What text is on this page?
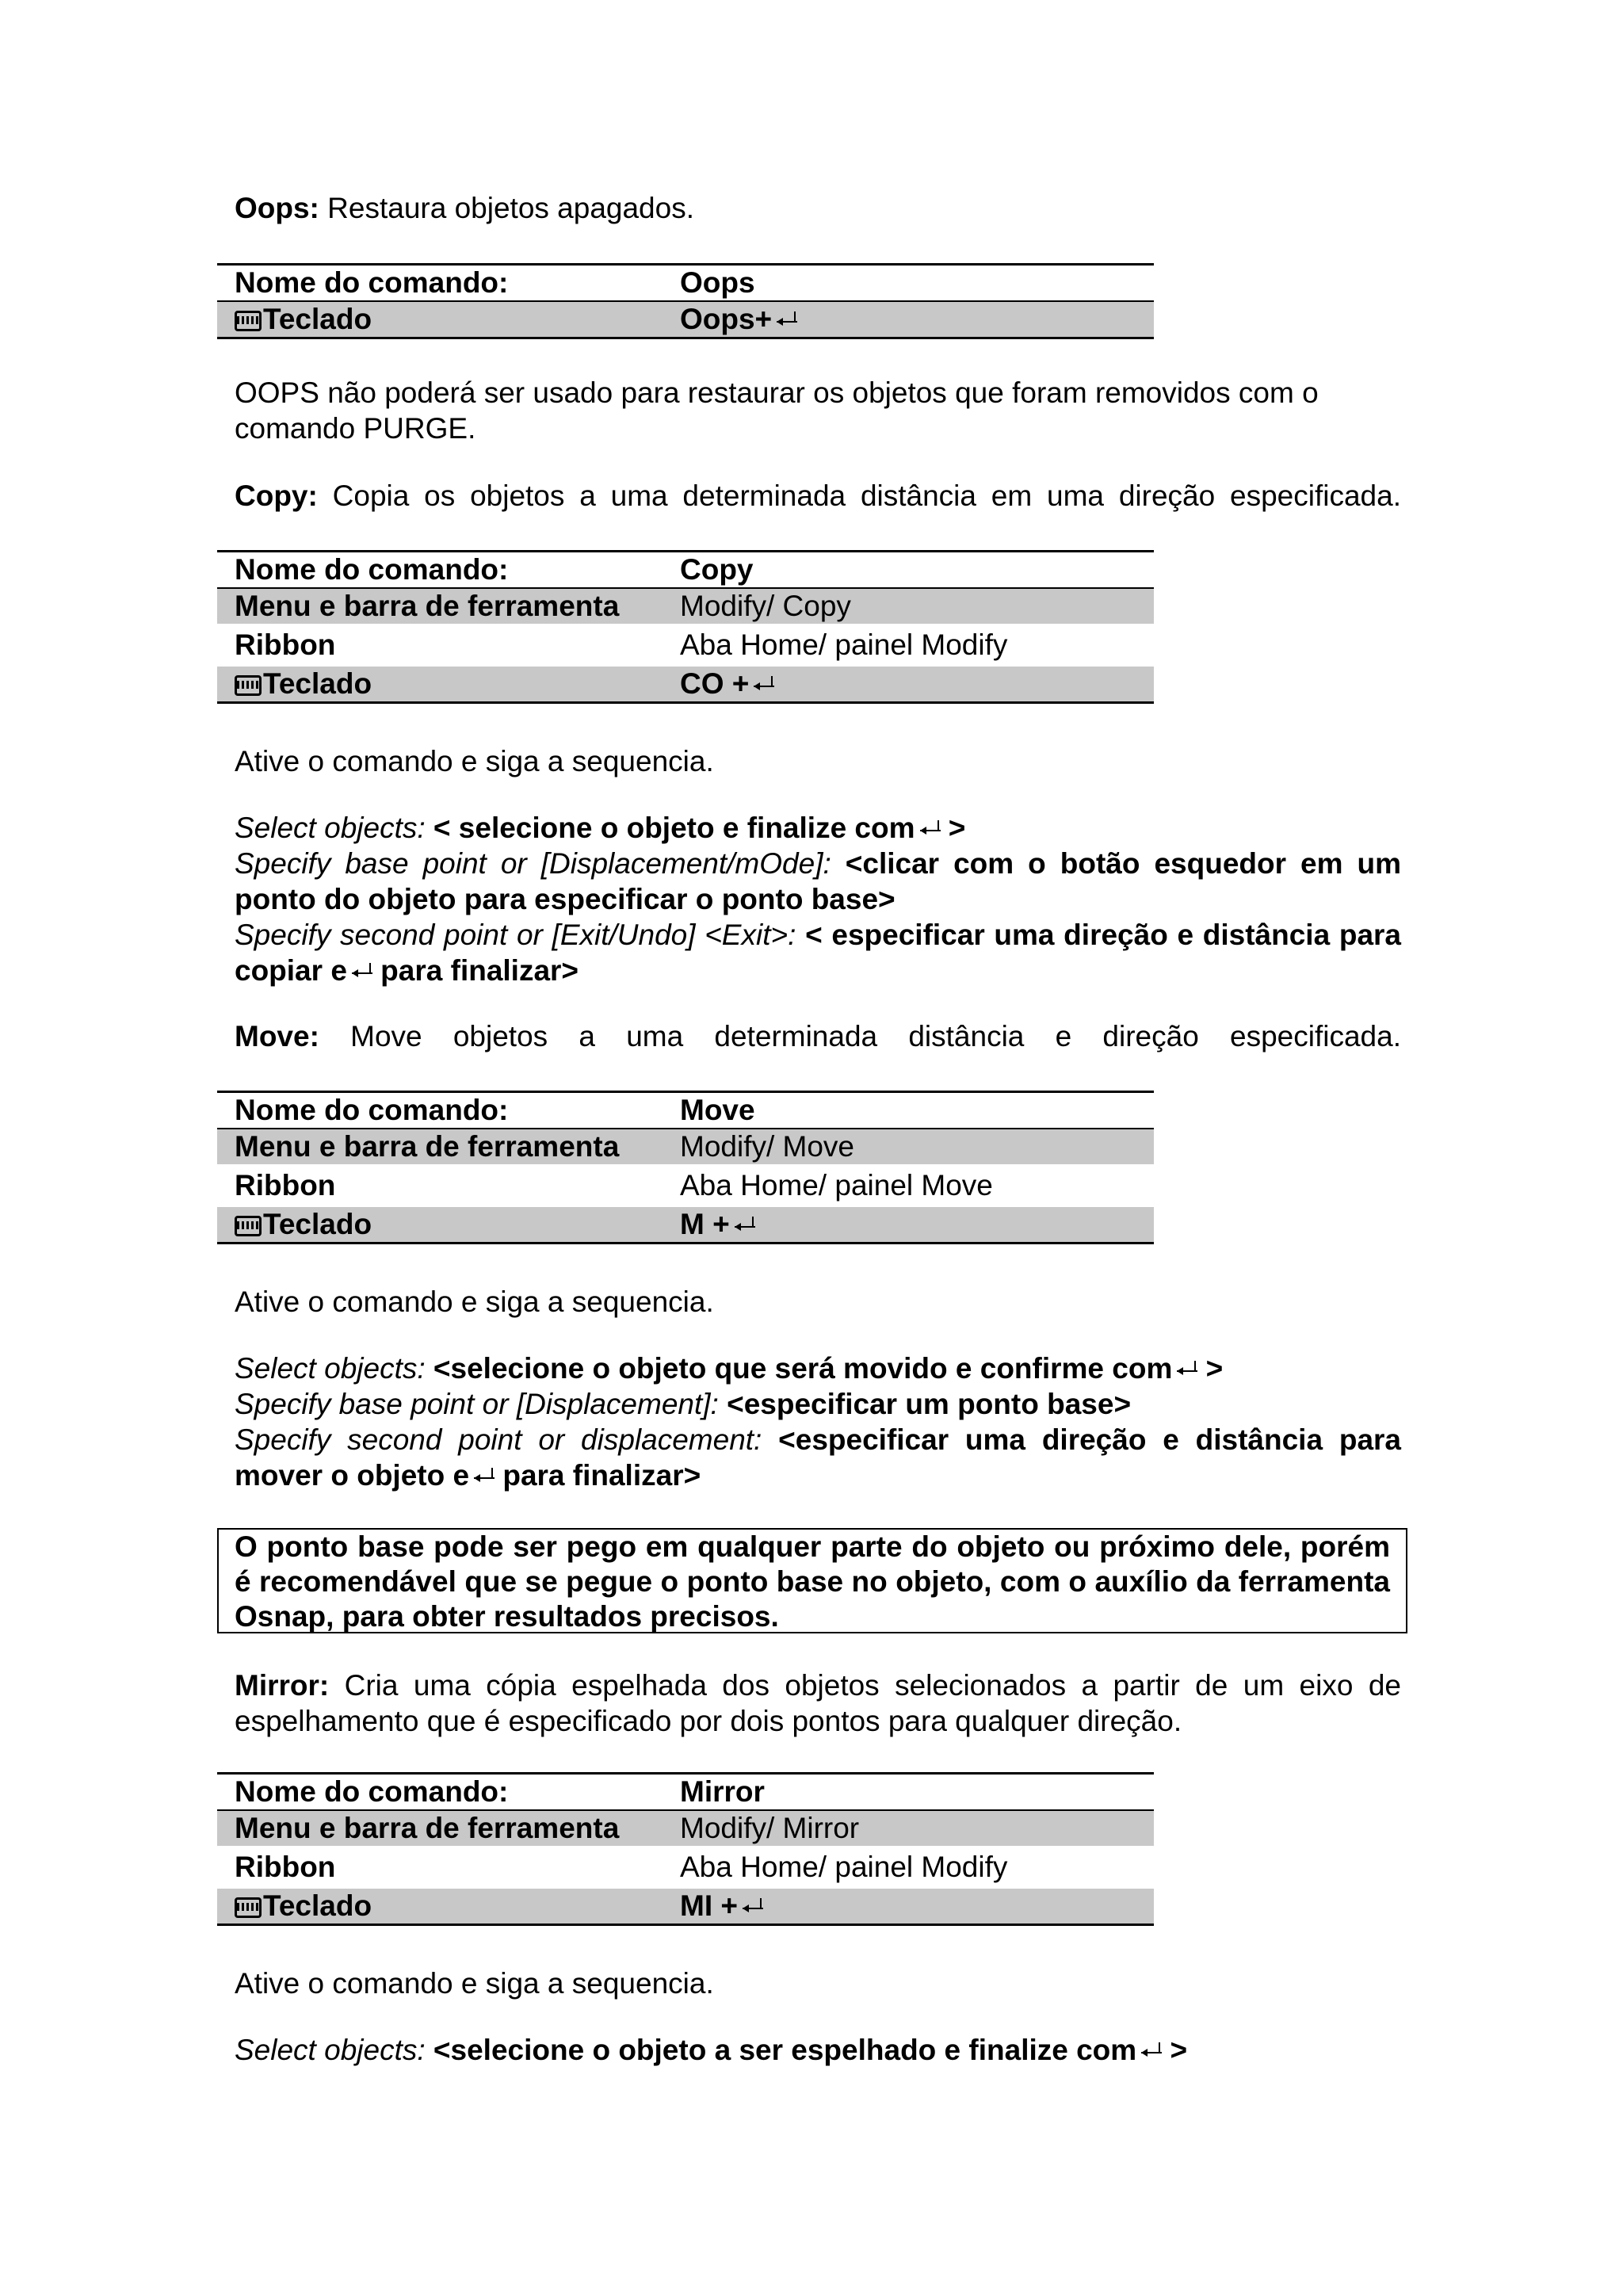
Oops: Restaura objetos apagados.

Nome do comando:	Oops
Teclado	Oops+

OOPS não poderá ser usado para restaurar os objetos que foram removidos com o
comando PURGE.

Copy: Copia os objetos a uma determinada distância em uma direção especificada.

Nome do comando:	Copy
Menu e barra de ferramenta	Modify/ Copy
Ribbon	Aba Home/ painel Modify
Teclado	CO +

Ative o comando e siga a sequencia.

Select objects: < selecione o objeto e finalize com
>
Specify base point or [Displacement/mOde]: <clicar com o botão esquedor em um ponto do objeto para especificar o ponto base>
Specify second point or [Exit/Undo] <Exit>: < especificar uma direção e distância para copiar e
para finalizar>

Move: Move objetos a uma determinada distância e direção especificada.

Nome do comando:	Move
Menu e barra de ferramenta	Modify/ Move
Ribbon	Aba Home/ painel Move
Teclado	M +

Ative o comando e siga a sequencia.

Select objects: <selecione o objeto que será movido e confirme com
>
Specify base point or [Displacement]: <especificar um ponto base>
Specify second point or displacement: <especificar uma direção e distância para mover o objeto e
para finalizar>

O ponto base pode ser pego em qualquer parte do objeto ou próximo dele, porém é recomendável que se pegue o ponto base no objeto, com o auxílio da ferramenta Osnap, para obter resultados precisos.

Mirror: Cria uma cópia espelhada dos objetos selecionados a partir de um eixo de espelhamento que é especificado por dois pontos para qualquer direção.

Nome do comando:	Mirror
Menu e barra de ferramenta	Modify/ Mirror
Ribbon	Aba Home/ painel Modify
Teclado	MI +

Ative o comando e siga a sequencia.

Select objects: <selecione o objeto a ser espelhado e finalize com
>
